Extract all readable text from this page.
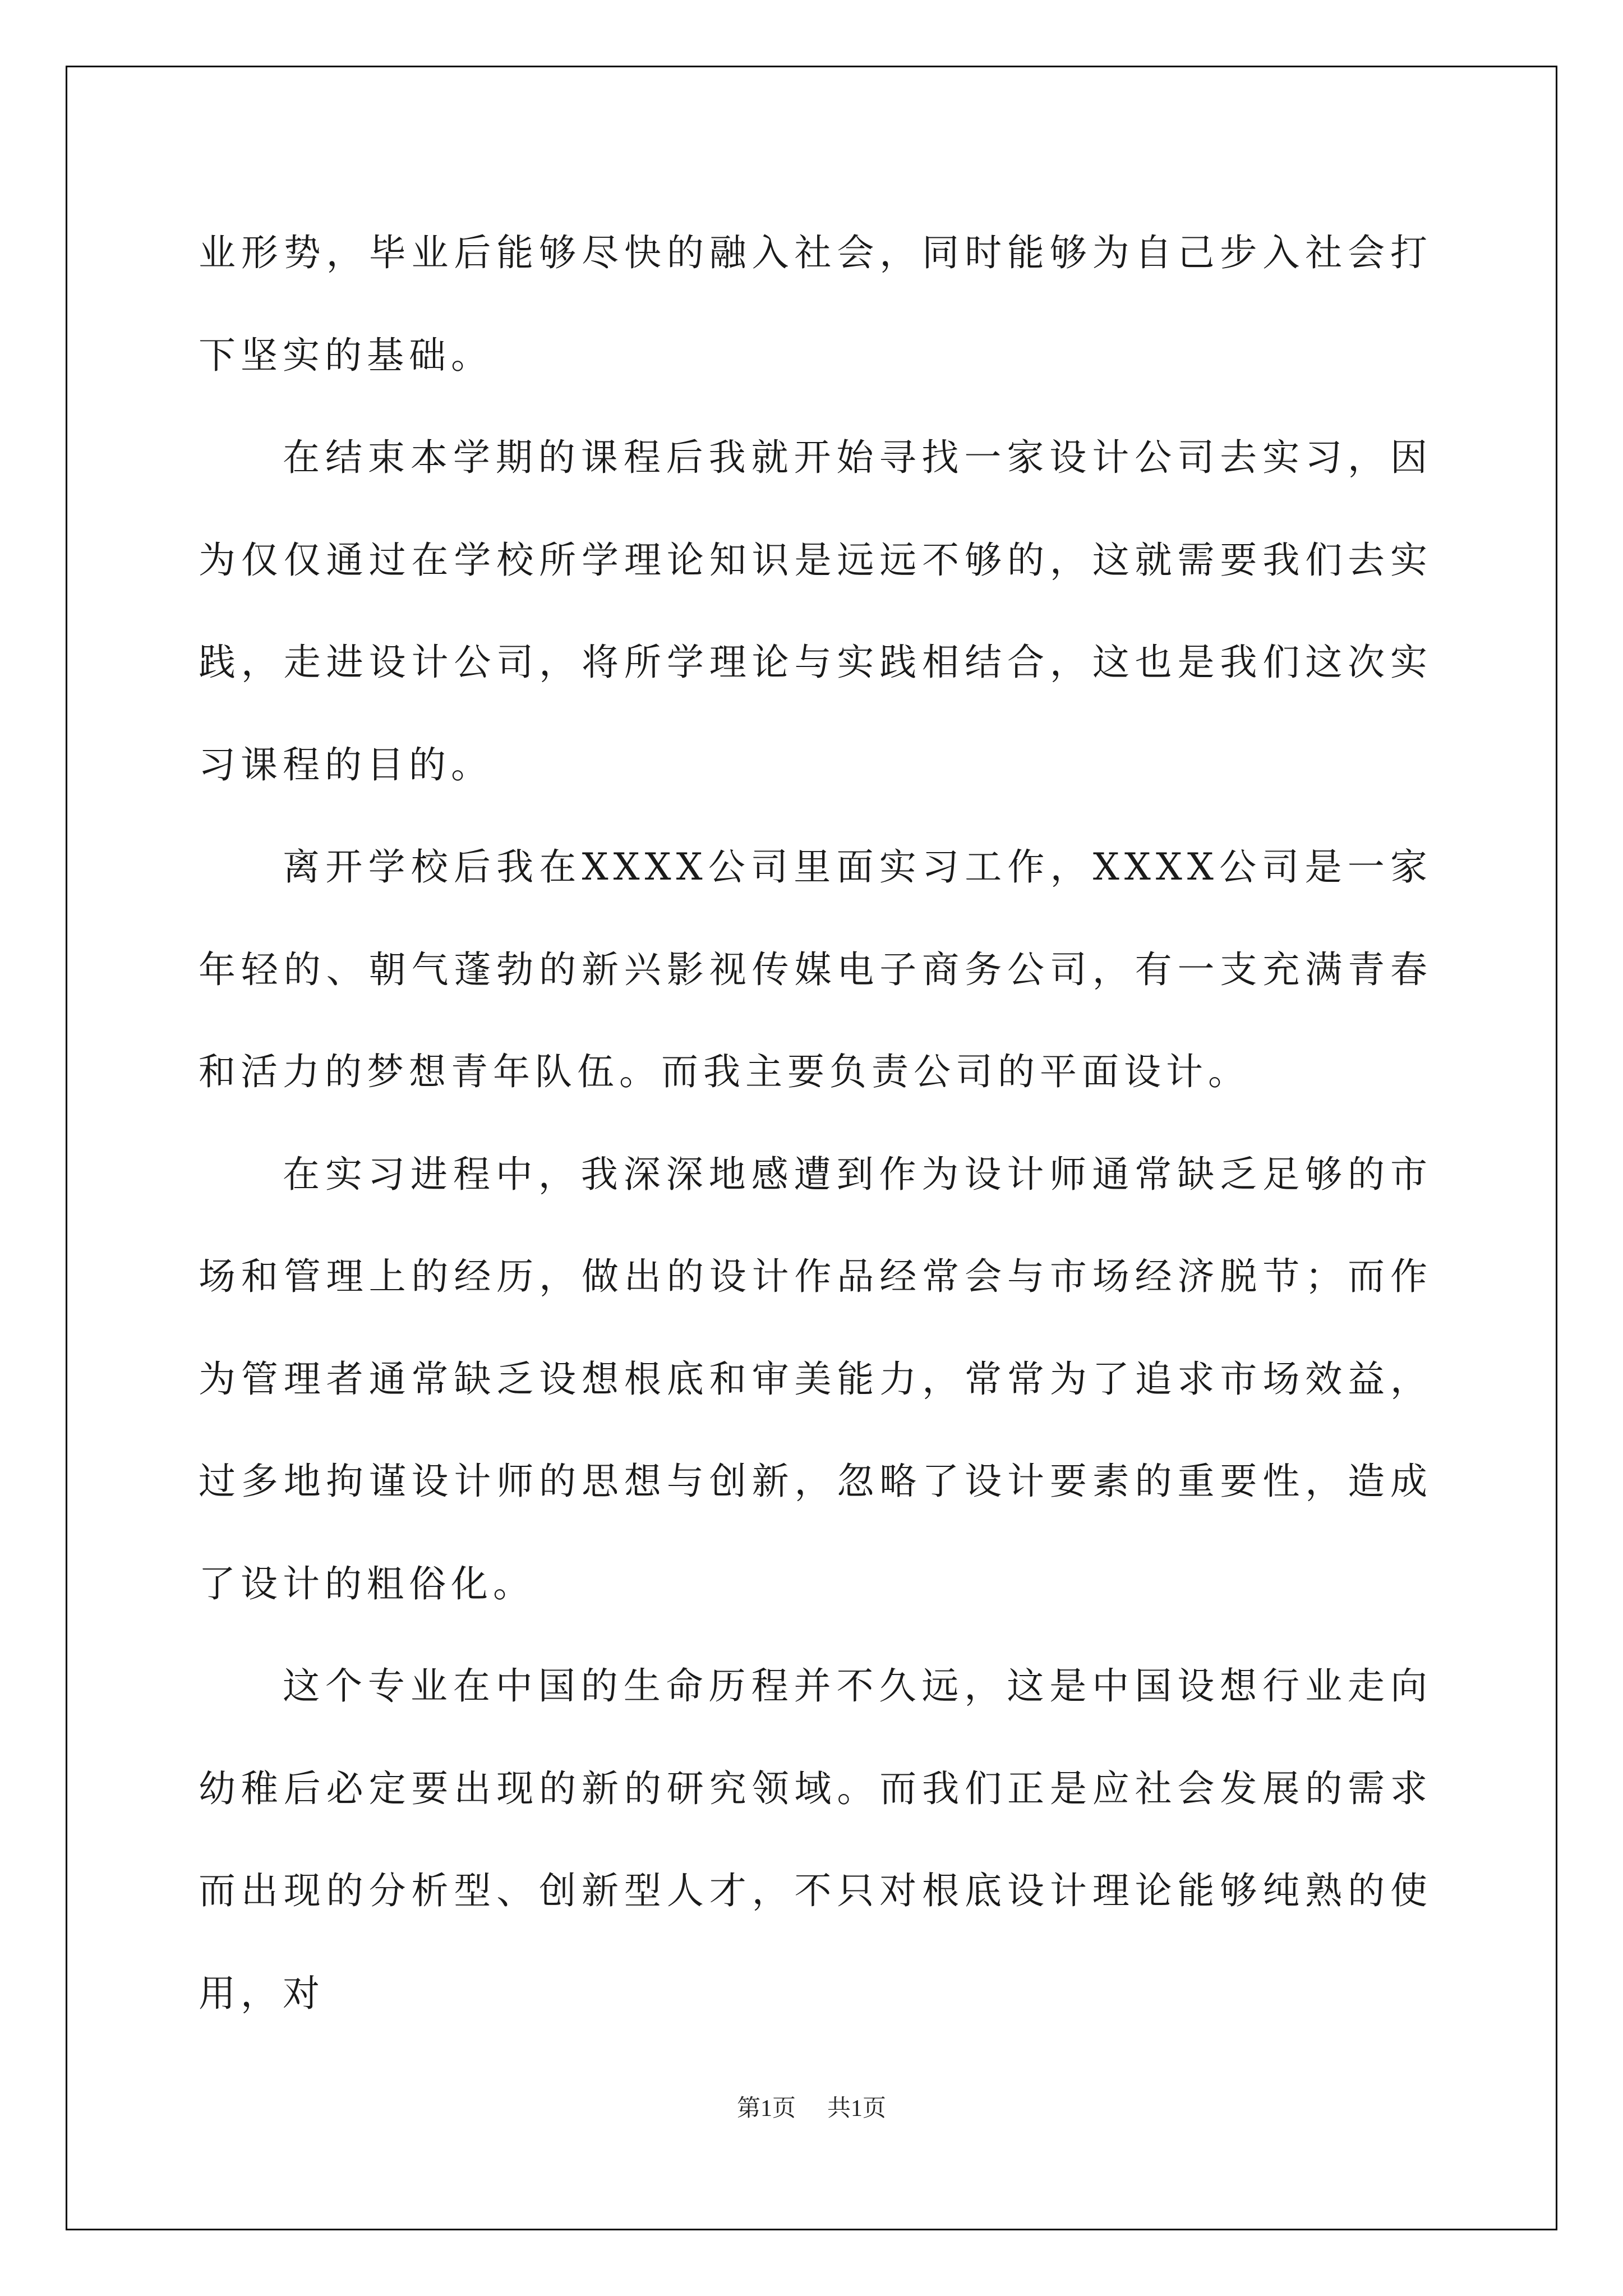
业形势，毕业后能够尽快的融入社会，同时能够为自己步入社会打下坚实的基础。

在结束本学期的课程后我就开始寻找一家设计公司去实习，因为仅仅通过在学校所学理论知识是远远不够的，这就需要我们去实践，走进设计公司，将所学理论与实践相结合，这也是我们这次实习课程的目的。

离开学校后我在XXXX公司里面实习工作，XXXX公司是一家年轻的、朝气蓬勃的新兴影视传媒电子商务公司，有一支充满青春和活力的梦想青年队伍。而我主要负责公司的平面设计。

在实习进程中，我深深地感遭到作为设计师通常缺乏足够的市场和管理上的经历，做出的设计作品经常会与市场经济脱节；而作为管理者通常缺乏设想根底和审美能力，常常为了追求市场效益，过多地拘谨设计师的思想与创新，忽略了设计要素的重要性，造成了设计的粗俗化。

这个专业在中国的生命历程并不久远，这是中国设想行业走向幼稚后必定要出现的新的研究领域。而我们正是应社会发展的需求而出现的分析型、创新型人才，不只对根底设计理论能够纯熟的使用，对

第1页 共1页
